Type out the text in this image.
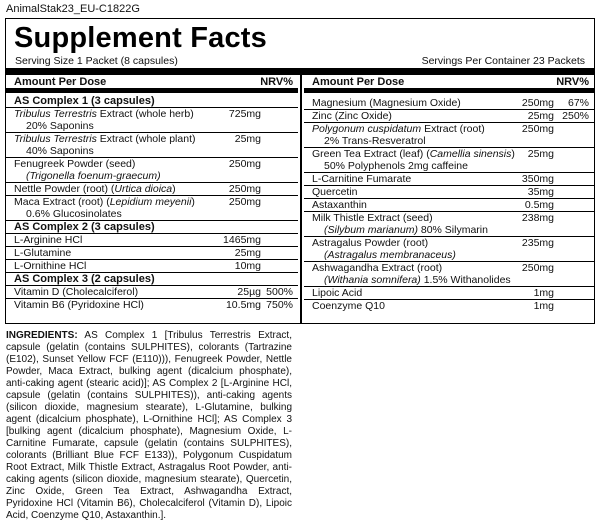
AnimalStak23_EU-C1822G
Supplement Facts
Serving Size 1 Packet (8 capsules)	Servings Per Container 23 Packets
Amount Per Dose	NRV%
AS Complex 1 (3 capsules)
Tribulus Terrestris Extract (whole herb)	725mg
20% Saponins
Tribulus Terrestris Extract (whole plant)	25mg
40% Saponins
Fenugreek Powder (seed)	250mg
(Trigonella foenum-graecum)
Nettle Powder (root) (Urtica dioica)	250mg
Maca Extract (root) (Lepidium meyenii)	250mg
0.6% Glucosinolates
AS Complex 2 (3 capsules)
L-Arginine HCl	1465mg
L-Glutamine	25mg
L-Ornithine HCl	10mg
AS Complex 3 (2 capsules)
Vitamin D (Cholecalciferol)	25µg 500%
Vitamin B6 (Pyridoxine HCl)	10.5mg 750%
Amount Per Dose	NRV%
Magnesium (Magnesium Oxide)	250mg 67%
Zinc (Zinc Oxide)	25mg 250%
Polygonum cuspidatum Extract (root)	250mg
2% Trans-Resveratrol
Green Tea Extract (leaf) (Camellia sinensis) 25mg
50% Polyphenols 2mg caffeine
L-Carnitine Fumarate	350mg
Quercetin	35mg
Astaxanthin	0.5mg
Milk Thistle Extract (seed)	238mg
(Silybum marianum) 80% Silymarin
Astragalus Powder (root)	235mg
(Astragalus membranaceus)
Ashwagandha Extract (root)	250mg
(Withania somnifera) 1.5% Withanolides
Lipoic Acid	1mg
Coenzyme Q10	1mg
INGREDIENTS: AS Complex 1 [Tribulus Terrestris Extract, capsule (gelatin (contains SULPHITES), colorants (Tartrazine (E102), Sunset Yellow FCF (E110))), Fenugreek Powder, Nettle Powder, Maca Extract, bulking agent (dicalcium phosphate), anti-caking agent (stearic acid)]; AS Complex 2 [L-Arginine HCl, capsule (gelatin (contains SULPHITES)), anti-caking agents (silicon dioxide, magnesium stearate), L-Glutamine, bulking agent (dicalcium phosphate), L-Ornithine HCl]; AS Complex 3 [bulking agent (dicalcium phosphate), Magnesium Oxide, L-Carnitine Fumarate, capsule (gelatin (contains SULPHITES), colorants (Brilliant Blue FCF E133)), Polygonum Cuspidatum Root Extract, Milk Thistle Extract, Astragalus Root Powder, anti-caking agents (silicon dioxide, magnesium stearate), Quercetin, Zinc Oxide, Green Tea Extract, Ashwagandha Extract, Pyridoxine HCl (Vitamin B6), Cholecalciferol (Vitamin D), Lipoic Acid, Coenzyme Q10, Astaxanthin.].
